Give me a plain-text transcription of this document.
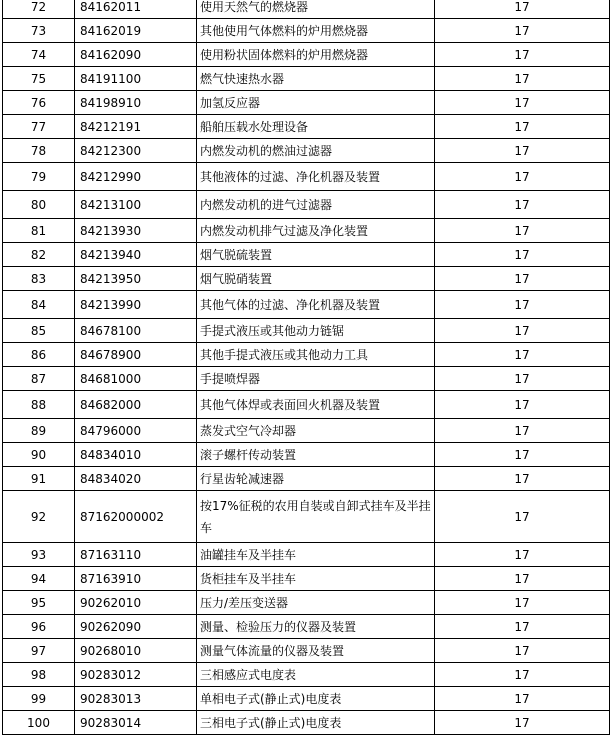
72	84162011	使用天然气的燃烧器	17
73	84162019	其他使用气体燃料的炉用燃烧器	17
74	84162090	使用粉状固体燃料的炉用燃烧器	17
75	84191100	燃气快速热水器	17
76	84198910	加氢反应器	17
77	84212191	船舶压载水处理设备	17
78	84212300	内燃发动机的燃油过滤器	17
79	84212990	其他液体的过滤、净化机器及装置	17
80	84213100	内燃发动机的进气过滤器	17
81	84213930	内燃发动机排气过滤及净化装置	17
82	84213940	烟气脱硫装置	17
83	84213950	烟气脱硝装置	17
84	84213990	其他气体的过滤、净化机器及装置	17
85	84678100	手提式液压或其他动力链锯	17
86	84678900	其他手提式液压或其他动力工具	17
87	84681000	手提喷焊器	17
88	84682000	其他气体焊或表面回火机器及装置	17
89	84796000	蒸发式空气冷却器	17
90	84834010	滚子螺杆传动装置	17
91	84834020	行星齿轮减速器	17
92	87162000002	按17%征税的农用自装或自卸式挂车及半挂车	17
93	87163110	油罐挂车及半挂车	17
94	87163910	货柜挂车及半挂车	17
95	90262010	压力/差压变送器	17
96	90262090	测量、检验压力的仪器及装置	17
97	90268010	测量气体流量的仪器及装置	17
98	90283012	三相感应式电度表	17
99	90283013	单相电子式(静止式)电度表	17
100	90283014	三相电子式(静止式)电度表	17
